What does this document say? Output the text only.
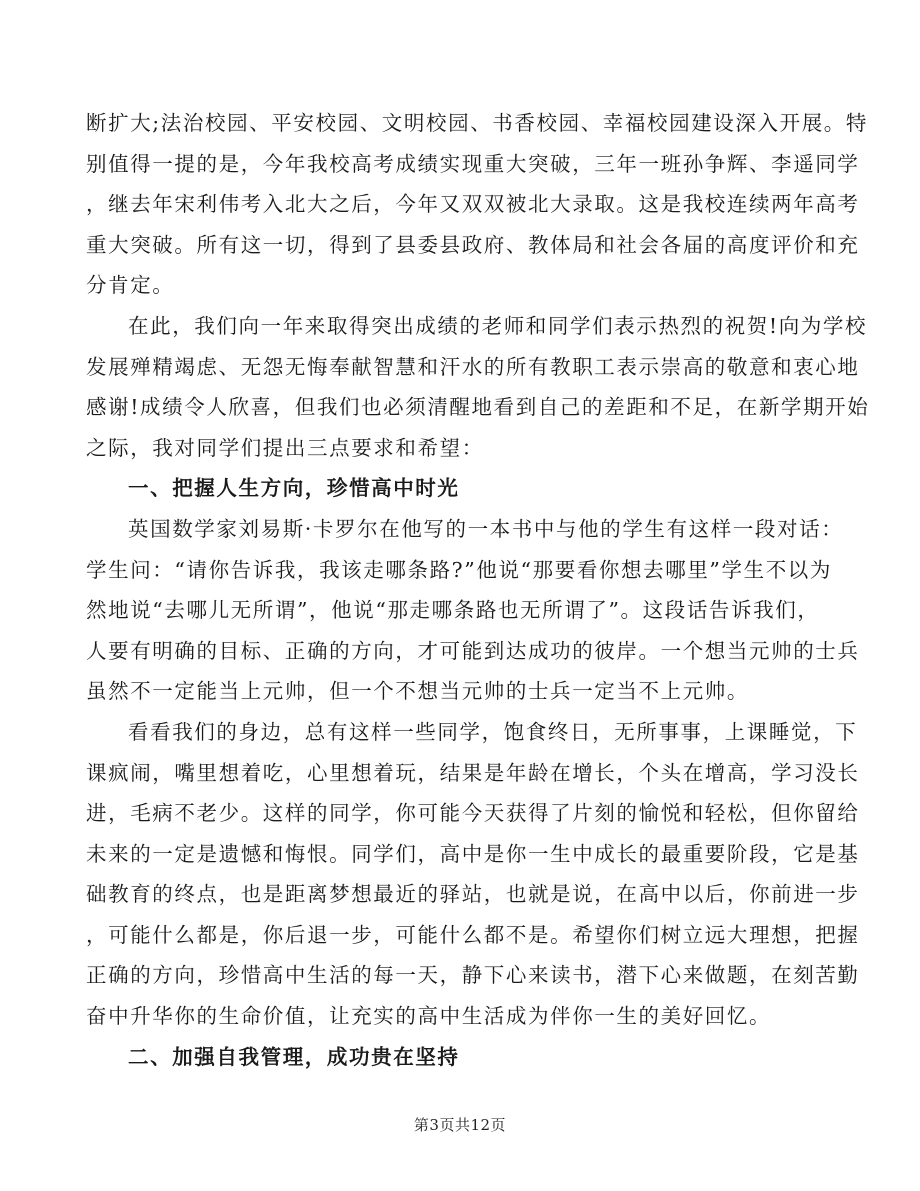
断扩大;法治校园、平安校园、文明校园、书香校园、幸福校园建设深入开展。特
别值得一提的是，今年我校高考成绩实现重大突破，三年一班孙争辉、李遥同学
，继去年宋利伟考入北大之后，今年又双双被北大录取。这是我校连续两年高考
重大突破。所有这一切，得到了县委县政府、教体局和社会各届的高度评价和充
分肯定。
在此，我们向一年来取得突出成绩的老师和同学们表示热烈的祝贺!向为学校
发展殚精竭虑、无怨无悔奉献智慧和汗水的所有教职工表示崇高的敬意和衷心地
感谢!成绩令人欣喜，但我们也必须清醒地看到自己的差距和不足，在新学期开始
之际，我对同学们提出三点要求和希望：
一、把握人生方向，珍惜高中时光
英国数学家刘易斯·卡罗尔在他写的一本书中与他的学生有这样一段对话：
学生问：“请你告诉我，我该走哪条路?”他说“那要看你想去哪里”学生不以为
然地说“去哪儿无所谓”，他说“那走哪条路也无所谓了”。这段话告诉我们，
人要有明确的目标、正确的方向，才可能到达成功的彼岸。一个想当元帅的士兵
虽然不一定能当上元帅，但一个不想当元帅的士兵一定当不上元帅。
看看我们的身边，总有这样一些同学，饱食终日，无所事事，上课睡觉，下
课疯闹，嘴里想着吃，心里想着玩，结果是年龄在增长，个头在增高，学习没长
进，毛病不老少。这样的同学，你可能今天获得了片刻的愉悦和轻松，但你留给
未来的一定是遗憾和悔恨。同学们，高中是你一生中成长的最重要阶段，它是基
础教育的终点，也是距离梦想最近的驿站，也就是说，在高中以后，你前进一步
，可能什么都是，你后退一步，可能什么都不是。希望你们树立远大理想，把握
正确的方向，珍惜高中生活的每一天，静下心来读书，潜下心来做题，在刻苦勤
奋中升华你的生命价值，让充实的高中生活成为伴你一生的美好回忆。
二、加强自我管理，成功贵在坚持
第3页共12页
